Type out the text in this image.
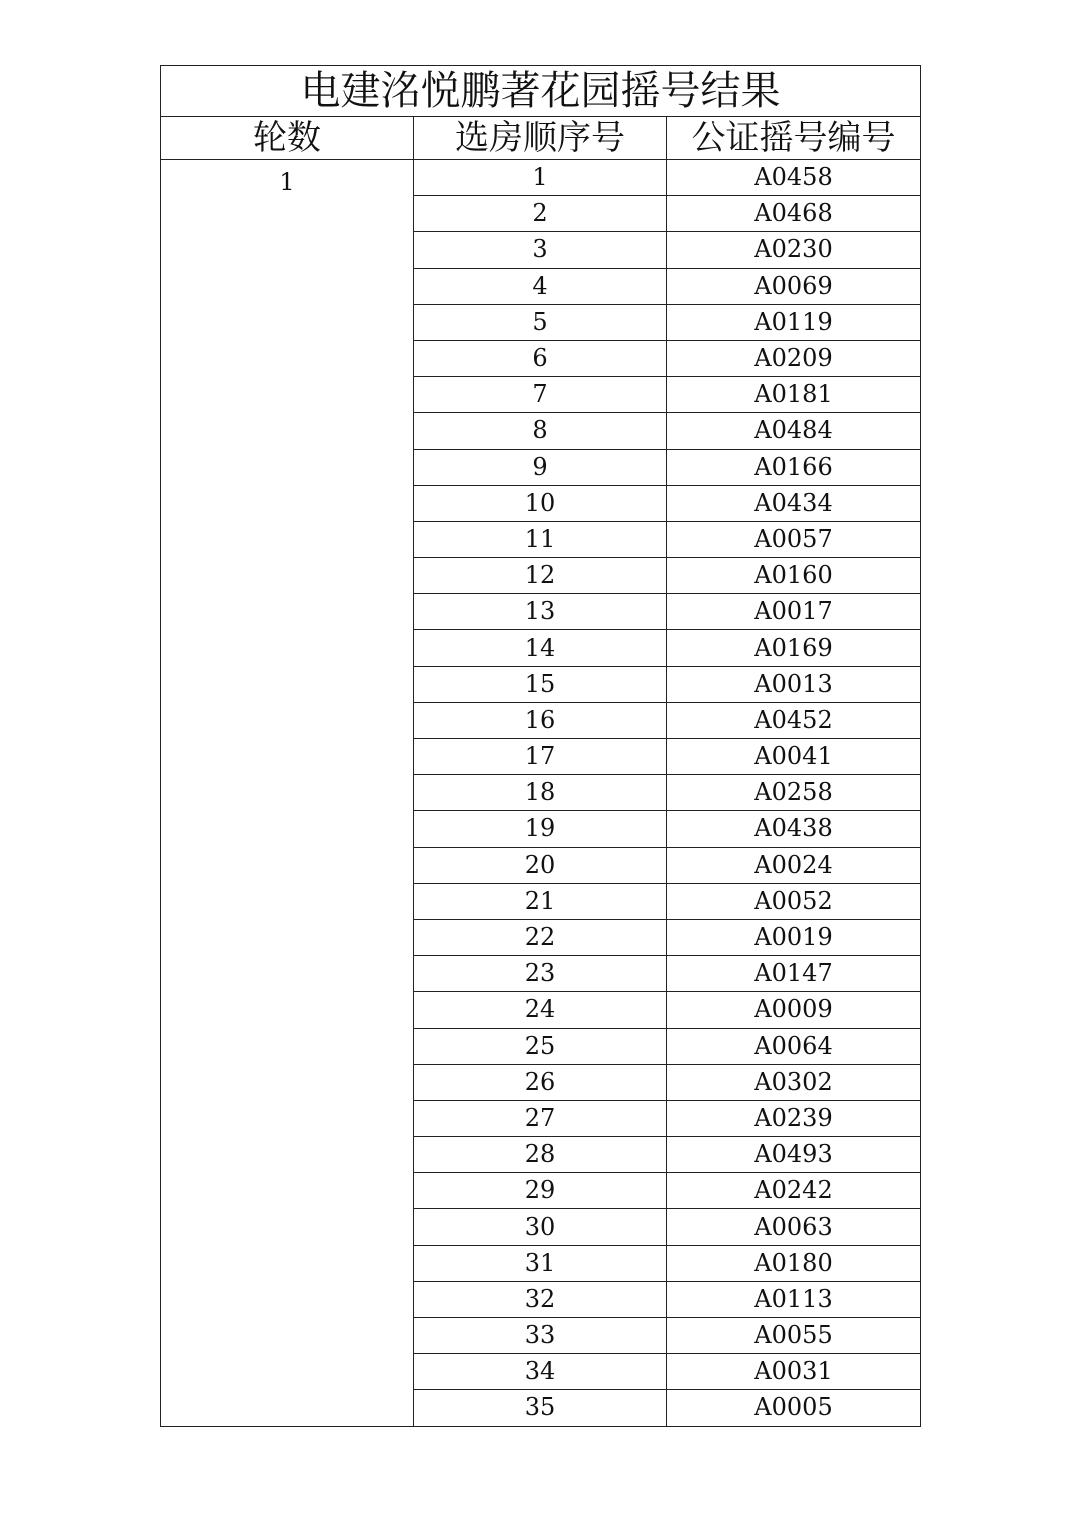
电建洺悦鹏著花园摇号结果		
轮数	选房顺序号	公证摇号编号
1	1	A0458
	2	A0468
	3	A0230
	4	A0069
	5	A0119
	6	A0209
	7	A0181
	8	A0484
	9	A0166
	10	A0434
	11	A0057
	12	A0160
	13	A0017
	14	A0169
	15	A0013
	16	A0452
	17	A0041
	18	A0258
	19	A0438
	20	A0024
	21	A0052
	22	A0019
	23	A0147
	24	A0009
	25	A0064
	26	A0302
	27	A0239
	28	A0493
	29	A0242
	30	A0063
	31	A0180
	32	A0113
	33	A0055
	34	A0031
	35	A0005
